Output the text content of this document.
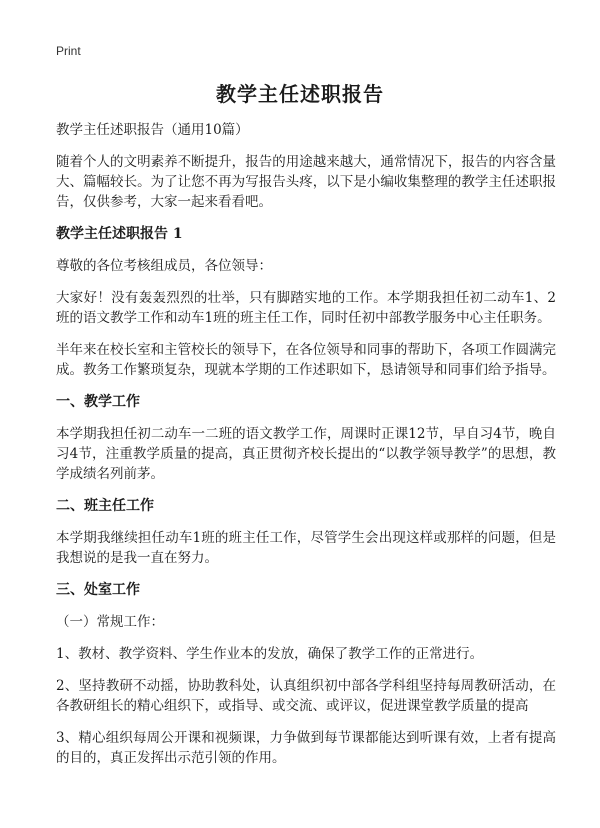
Print
教学主任述职报告

教学主任述职报告（通用10篇）

随着个人的文明素养不断提升，报告的用途越来越大，通常情况下，报告的内容含量大、篇幅较长。为了让您不再为写报告头疼，以下是小编收集整理的教学主任述职报告，仅供参考，大家一起来看看吧。

教学主任述职报告 1

尊敬的各位考核组成员，各位领导：

大家好！没有轰轰烈烈的壮举，只有脚踏实地的工作。本学期我担任初二动车1、2班的语文教学工作和动车1班的班主任工作，同时任初中部教学服务中心主任职务。

半年来在校长室和主管校长的领导下，在各位领导和同事的帮助下，各项工作圆满完成。教务工作繁琐复杂，现就本学期的工作述职如下，恳请领导和同事们给予指导。

一、教学工作

本学期我担任初二动车一二班的语文教学工作，周课时正课12节，早自习4节，晚自习4节，注重教学质量的提高，真正贯彻齐校长提出的“以教学领导教学”的思想，教学成绩名列前茅。

二、班主任工作

本学期我继续担任动车1班的班主任工作，尽管学生会出现这样或那样的问题，但是我想说的是我一直在努力。

三、处室工作

（一）常规工作：

1、教材、教学资料、学生作业本的发放，确保了教学工作的正常进行。

2、坚持教研不动摇，协助教科处，认真组织初中部各学科组坚持每周教研活动，在各教研组长的精心组织下，或指导、或交流、或评议，促进课堂教学质量的提高

3、精心组织每周公开课和视频课，力争做到每节课都能达到听课有效，上者有提高的目的，真正发挥出示范引领的作用。
